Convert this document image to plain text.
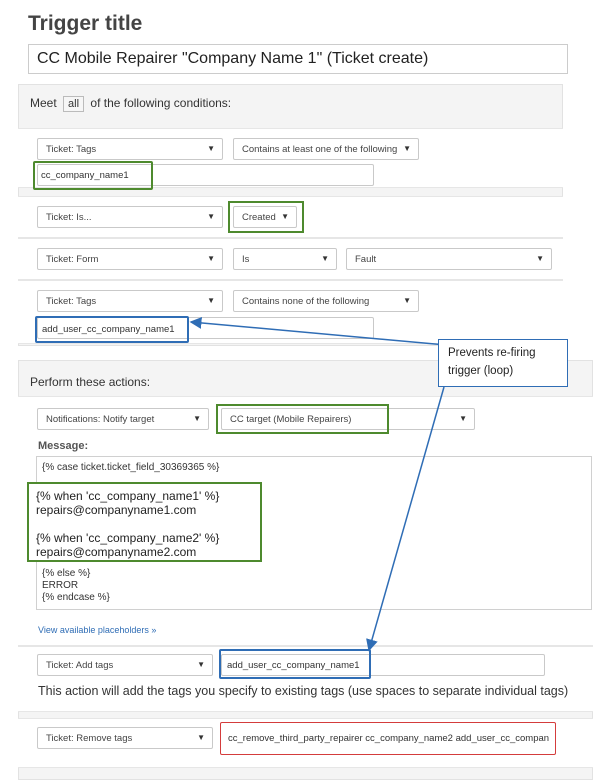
Trigger title
CC Mobile Repairer "Company Name 1" (Ticket create)
Meet all of the following conditions:
Ticket: Tags	▼	Contains at least one of the following ▼
cc_company_name1
Ticket: Is...	▼	Created ▼
Ticket: Form	▼	Is	▼	Fault	▼
Ticket: Tags	▼	Contains none of the following	▼
add_user_cc_company_name1
Perform these actions:
Notifications: Notify target	▼	CC target (Mobile Repairers)	▼
Message:
{% case ticket.ticket_field_30369365 %}
{% when 'cc_company_name1' %}
repairs@companyname1.com
{% when 'cc_company_name2' %}
repairs@companyname2.com
{% else %}
ERROR
{% endcase %}
View available placeholders »
Ticket: Add tags	▼	add_user_cc_company_name1
This action will add the tags you specify to existing tags (use spaces to separate individual tags)
Ticket: Remove tags	▼	cc_remove_third_party_repairer cc_company_name2 add_user_cc_compan
Prevents re-firing
trigger (loop)
